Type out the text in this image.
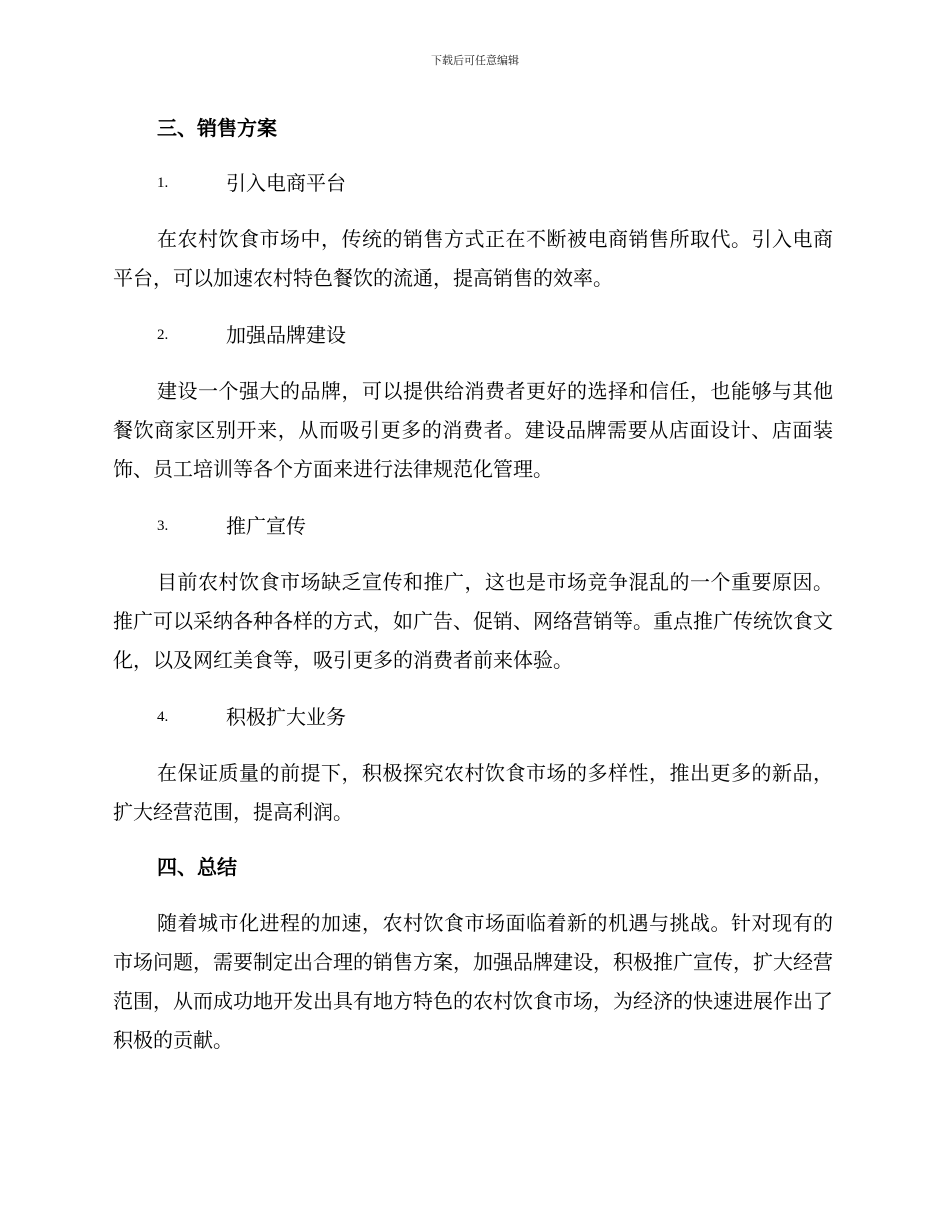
下载后可任意编辑
三、销售方案
1.	引入电商平台

在农村饮食市场中，传统的销售方式正在不断被电商销售所取代。引入电商平台，可以加速农村特色餐饮的流通，提高销售的效率。

2.	加强品牌建设

建设一个强大的品牌，可以提供给消费者更好的选择和信任，也能够与其他餐饮商家区别开来，从而吸引更多的消费者。建设品牌需要从店面设计、店面装饰、员工培训等各个方面来进行法律规范化管理。

3.	推广宣传

目前农村饮食市场缺乏宣传和推广，这也是市场竞争混乱的一个重要原因。推广可以采纳各种各样的方式，如广告、促销、网络营销等。重点推广传统饮食文化，以及网红美食等，吸引更多的消费者前来体验。

4.	积极扩大业务

在保证质量的前提下，积极探究农村饮食市场的多样性，推出更多的新品，扩大经营范围，提高利润。

四、总结

随着城市化进程的加速，农村饮食市场面临着新的机遇与挑战。针对现有的市场问题，需要制定出合理的销售方案，加强品牌建设，积极推广宣传，扩大经营范围，从而成功地开发出具有地方特色的农村饮食市场，为经济的快速进展作出了积极的贡献。
